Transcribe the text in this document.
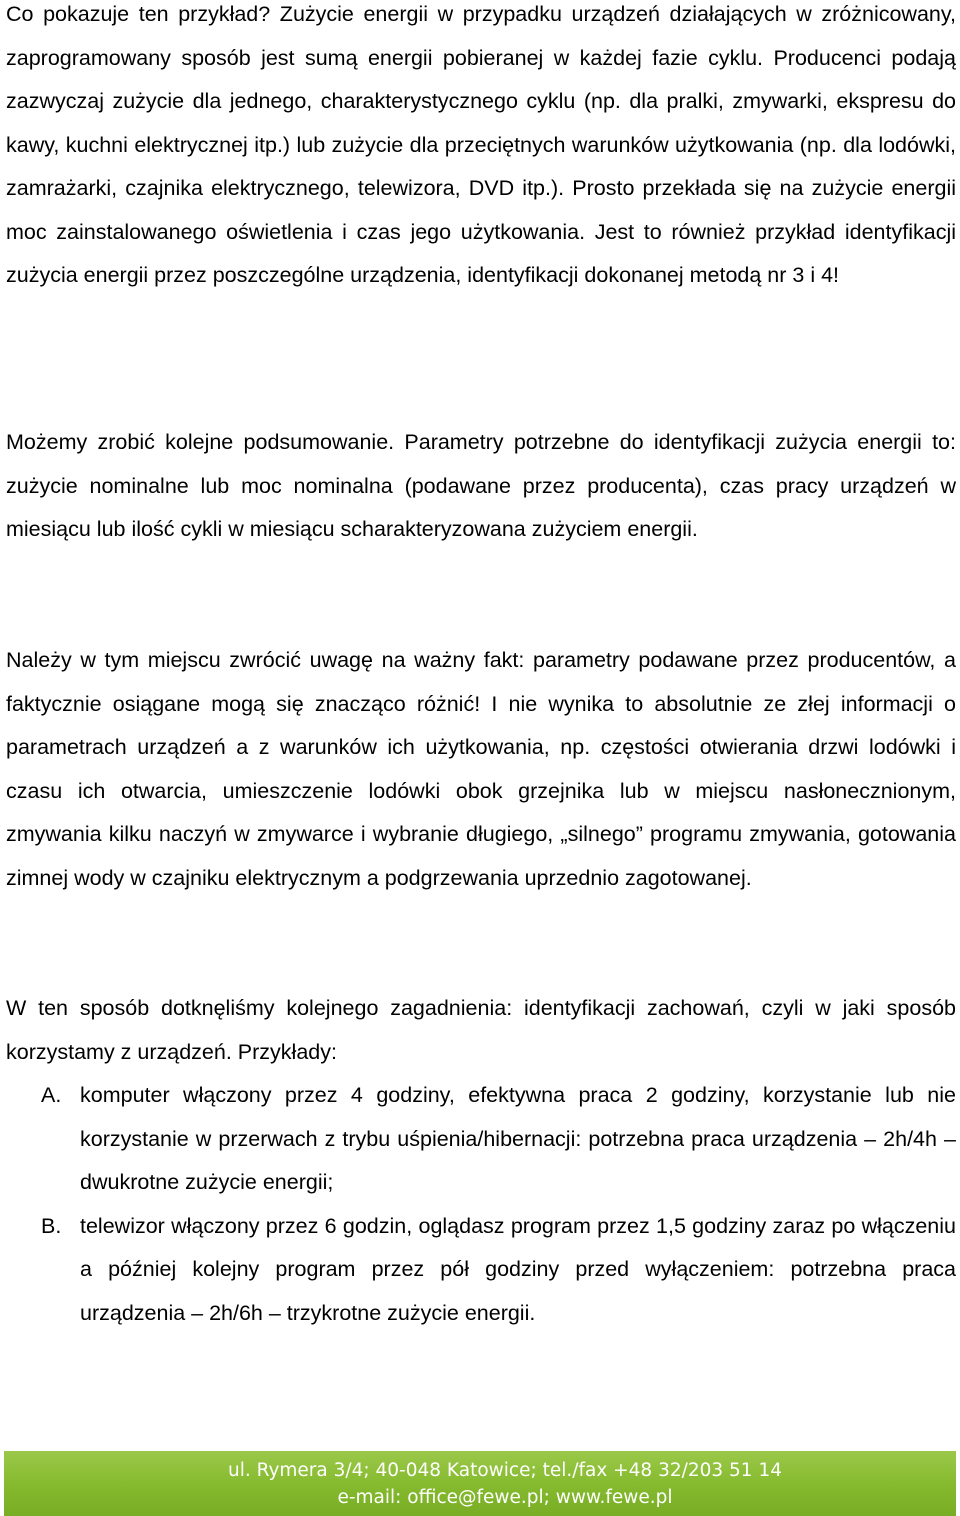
Co pokazuje ten przykład? Zużycie energii w przypadku urządzeń działających w zróżnicowany, zaprogramowany sposób jest sumą energii pobieranej w każdej fazie cyklu. Producenci podają zazwyczaj zużycie dla jednego, charakterystycznego cyklu (np. dla pralki, zmywarki, ekspresu do kawy, kuchni elektrycznej itp.) lub zużycie dla przeciętnych warunków użytkowania (np. dla lodówki, zamrażarki, czajnika elektrycznego, telewizora, DVD itp.). Prosto przekłada się na zużycie energii moc zainstalowanego oświetlenia i czas jego użytkowania. Jest to również przykład identyfikacji zużycia energii przez poszczególne urządzenia, identyfikacji dokonanej metodą nr 3 i 4!

Możemy zrobić kolejne podsumowanie. Parametry potrzebne do identyfikacji zużycia energii to: zużycie nominalne lub moc nominalna (podawane przez producenta), czas pracy urządzeń w miesiącu lub ilość cykli w miesiącu scharakteryzowana zużyciem energii.

Należy w tym miejscu zwrócić uwagę na ważny fakt: parametry podawane przez producentów, a faktycznie osiągane mogą się znacząco różnić! I nie wynika to absolutnie ze złej informacji o parametrach urządzeń a z warunków ich użytkowania, np. częstości otwierania drzwi lodówki i czasu ich otwarcia, umieszczenie lodówki obok grzejnika lub w miejscu nasłonecznionym, zmywania kilku naczyń w zmywarce i wybranie długiego, „silnego” programu zmywania, gotowania zimnej wody w czajniku elektrycznym a podgrzewania uprzednio zagotowanej.

W ten sposób dotknęliśmy kolejnego zagadnienia: identyfikacji zachowań, czyli w jaki sposób korzystamy z urządzeń. Przykłady:

A. komputer włączony przez 4 godziny, efektywna praca 2 godziny, korzystanie lub nie korzystanie w przerwach z trybu uśpienia/hibernacji: potrzebna praca urządzenia – 2h/4h – dwukrotne zużycie energii;
B. telewizor włączony przez 6 godzin, oglądasz program przez 1,5 godziny zaraz po włączeniu a później kolejny program przez pół godziny przed wyłączeniem: potrzebna praca urządzenia – 2h/6h – trzykrotne zużycie energii.
ul. Rymera 3/4; 40-048 Katowice; tel./fax +48 32/203 51 14
e-mail: office@fewe.pl; www.fewe.pl
